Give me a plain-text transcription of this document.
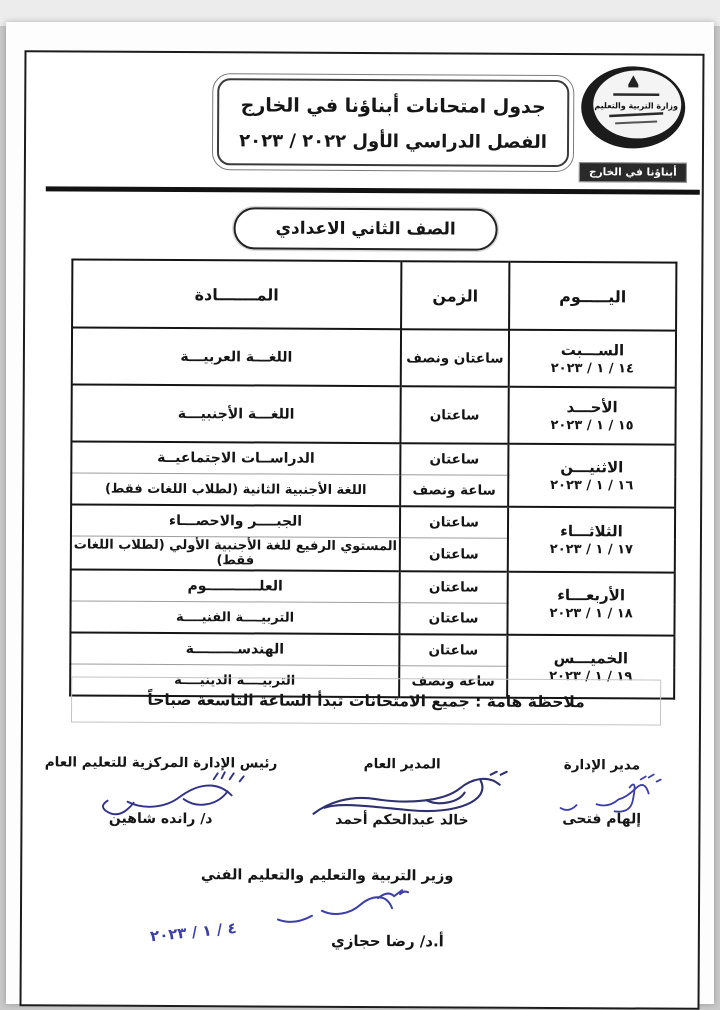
جدول امتحانات أبناؤنا في الخارج
الفصل الدراسي الأول ٢٠٢٢ / ٢٠٢٣
وزارة التربية والتعليم
أبناؤنا في الخارج
الصف الثاني الاعدادي
اليـــــوم	الزمن	المـــــــادة

الســـبت
١٤ / ١ / ٢٠٢٣	ساعتان ونصف	اللغـــة العربيـــة

الأحـــد
١٥ / ١ / ٢٠٢٣	ساعتان	اللغـــة الأجنبيـــة

الاثنيـــن
١٦ / ١ / ٢٠٢٣	ساعتان	الدراســات الاجتماعيــة
	ساعة ونصف	اللغة الأجنبية الثانية (لطلاب اللغات فقط)

الثلاثـــاء
١٧ / ١ / ٢٠٢٣	ساعتان	الجبــــر والاحصـــاء
	ساعتان	المستوي الرفيع للغة الأجنبية الأولي (لطلاب اللغات فقط)

الأربعـــاء
١٨ / ١ / ٢٠٢٣	ساعتان	العلـــــــــــوم
	ساعتان	التربيــــة الفنيــــة

الخميـــس
١٩ / ١ / ٢٠٢٣	ساعتان	الهندســـــــــة
	ساعة ونصف	التربيــــة الدينيــــة
ملاحظة هامة : جميع الامتحانات تبدأ الساعة التاسعة صباحاً
مدير الإدارة
إلهام فتحى
المدير العام
خالد عبدالحكم أحمد
رئيس الإدارة المركزية للتعليم العام
د/ رانده شاهين
وزير التربية والتعليم والتعليم الفني
٤ / ١ / ٢٠٢٣
أ.د/ رضا حجازي
